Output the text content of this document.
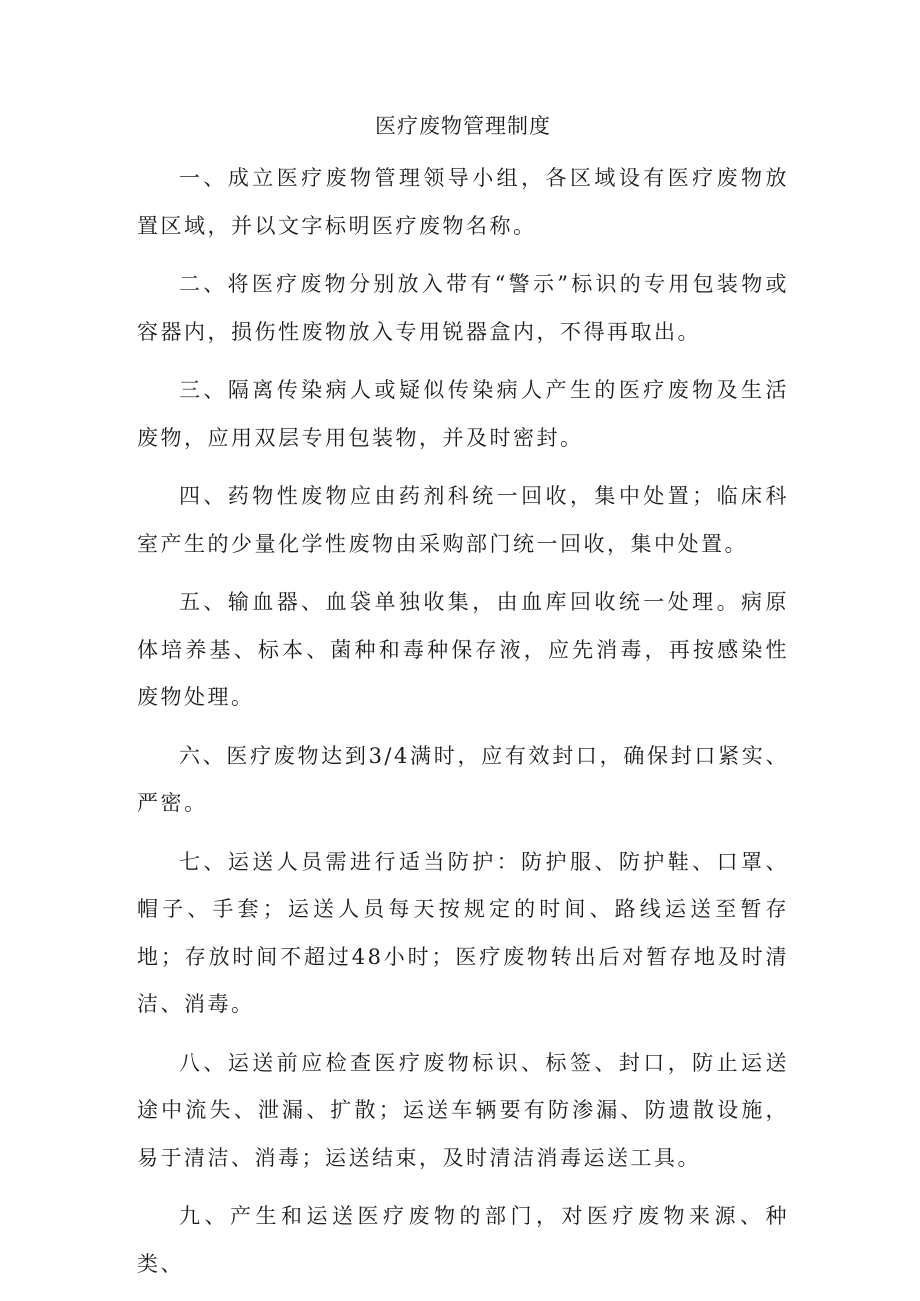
医疗废物管理制度

一、成立医疗废物管理领导小组，各区域设有医疗废物放置区域，并以文字标明医疗废物名称。

二、将医疗废物分别放入带有“警示”标识的专用包装物或容器内，损伤性废物放入专用锐器盒内，不得再取出。

三、隔离传染病人或疑似传染病人产生的医疗废物及生活废物，应用双层专用包装物，并及时密封。

四、药物性废物应由药剂科统一回收，集中处置；临床科室产生的少量化学性废物由采购部门统一回收，集中处置。

五、输血器、血袋单独收集，由血库回收统一处理。病原体培养基、标本、菌种和毒种保存液，应先消毒，再按感染性废物处理。

六、医疗废物达到3/4满时，应有效封口，确保封口紧实、严密。

七、运送人员需进行适当防护：防护服、防护鞋、口罩、帽子、手套；运送人员每天按规定的时间、路线运送至暂存地；存放时间不超过48小时；医疗废物转出后对暂存地及时清洁、消毒。

八、运送前应检查医疗废物标识、标签、封口，防止运送途中流失、泄漏、扩散；运送车辆要有防渗漏、防遗散设施，易于清洁、消毒；运送结束，及时清洁消毒运送工具。

九、产生和运送医疗废物的部门，对医疗废物来源、种类、
